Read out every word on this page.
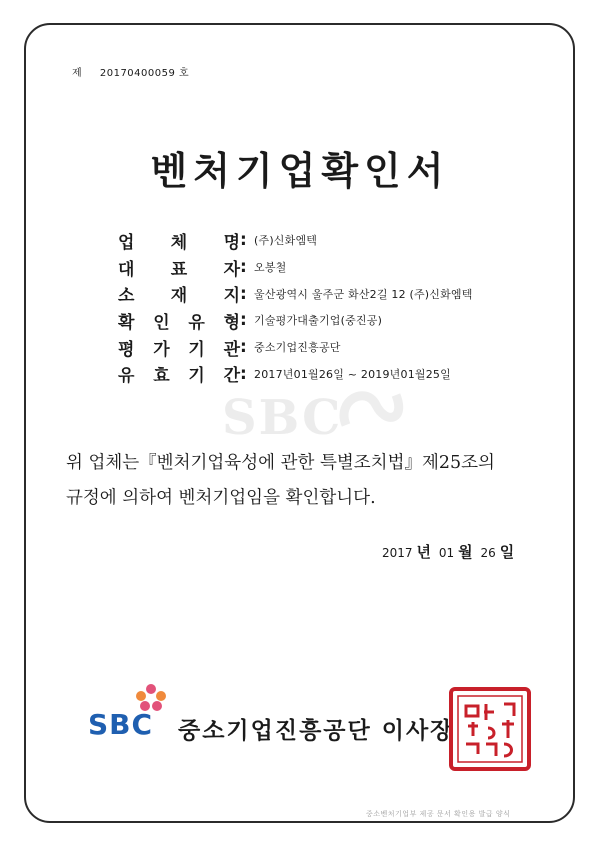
제 20170400059 호
벤처기업확인서
업 체 명 : (주)신화엠텍
대 표 자 : 오봉철
소 재 지 : 울산광역시 울주군 화산2길 12 (주)신화엠텍
확 인 유 형 : 기술평가대출기업(중진공)
평 가 기 관 : 중소기업진흥공단
유 효 기 간 : 2017년01월26일 ~ 2019년01월25일
SBC
위 업체는『벤처기업육성에 관한 특별조치법』제25조의
규정에 의하여 벤처기업임을 확인합니다.
2017 년 01 월 26 일
SBC 중소기업진흥공단 이사장
중소벤처기업부 제공 문서 확인용 발급 양식
